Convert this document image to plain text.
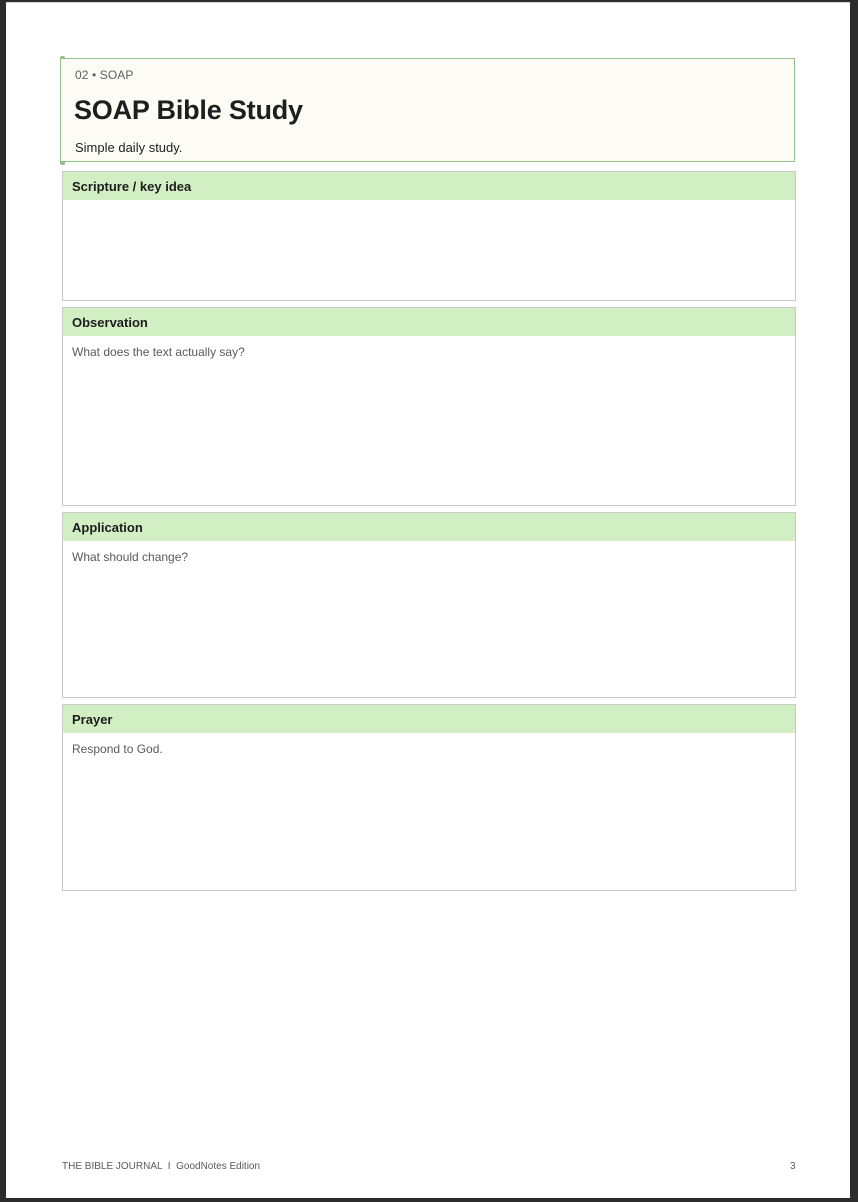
02 • SOAP
SOAP Bible Study
Simple daily study.
Scripture / key idea
Observation
What does the text actually say?
Application
What should change?
Prayer
Respond to God.
THE BIBLE JOURNAL  I  GoodNotes Edition	3
